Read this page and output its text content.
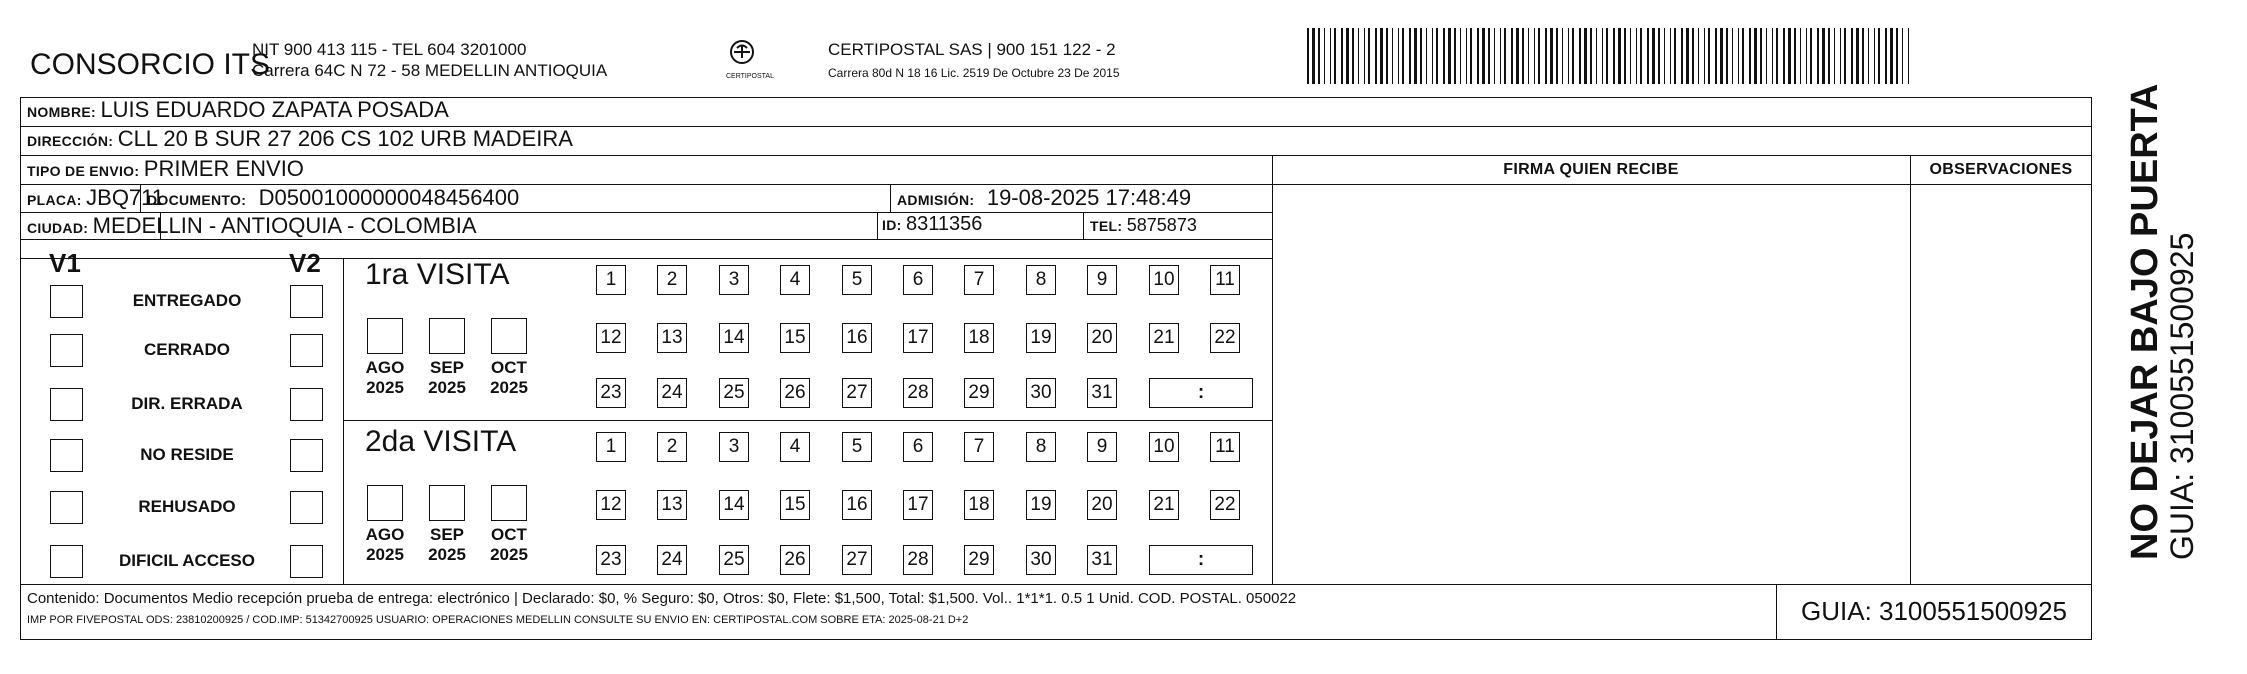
CONSORCIO ITS
NIT 900 413 115 - TEL 604 3201000
Carrera 64C N 72 - 58 MEDELLIN ANTIOQUIA	CERTIPOSTAL
CERTIPOSTAL SAS | 900 151 122 - 2
Carrera 80d N 18 16 Lic. 2519 De Octubre 23 De 2015
NOMBRE: LUIS EDUARDO ZAPATA POSADA
DIRECCIÓN: CLL 20 B SUR 27 206 CS 102 URB MADEIRA
TIPO DE ENVIO: PRIMER ENVIO	FIRMA QUIEN RECIBE	OBSERVACIONES
PLACA: JBQ711
DOCUMENTO: D05001000000048456400	ADMISIÓN: 19-08-2025 17:48:49
CIUDAD: MEDELLIN - ANTIOQUIA - COLOMBIA	ID: 8311356	TEL: 5875873
V1	V2
ENTREGADO
CERRADO
DIR. ERRADA
NO RESIDE
REHUSADO
DIFICIL ACCESO
1ra VISITA
2da VISITA
AGO
2025
SEP
2025
OCT
2025
AGO
2025
SEP
2025
OCT
2025
1	2	3	4	5	6	7	8	9	10 11
12 13 14 15 16 17 18 19 20 21 22
23 24 25 26 27 28 29 30 31	:
1	2	3	4	5	6	7	8	9	10 11
12 13 14 15 16 17 18 19 20 21 22
23 24 25 26 27 28 29 30 31	:
Contenido: Documentos Medio recepción prueba de entrega: electrónico | Declarado: $0, % Seguro: $0, Otros: $0, Flete: $1,500, Total: $1,500. Vol.. 1*1*1. 0.5 1 Unid. COD. POSTAL. 050022
IMP POR FIVEPOSTAL ODS: 23810200925 / COD.IMP: 51342700925 USUARIO: OPERACIONES MEDELLIN CONSULTE SU ENVIO EN: CERTIPOSTAL.COM SOBRE ETA: 2025-08-21 D+2	GUIA: 3100551500925
NO DEJAR BAJO PUERTA
GUIA: 3100551500925
